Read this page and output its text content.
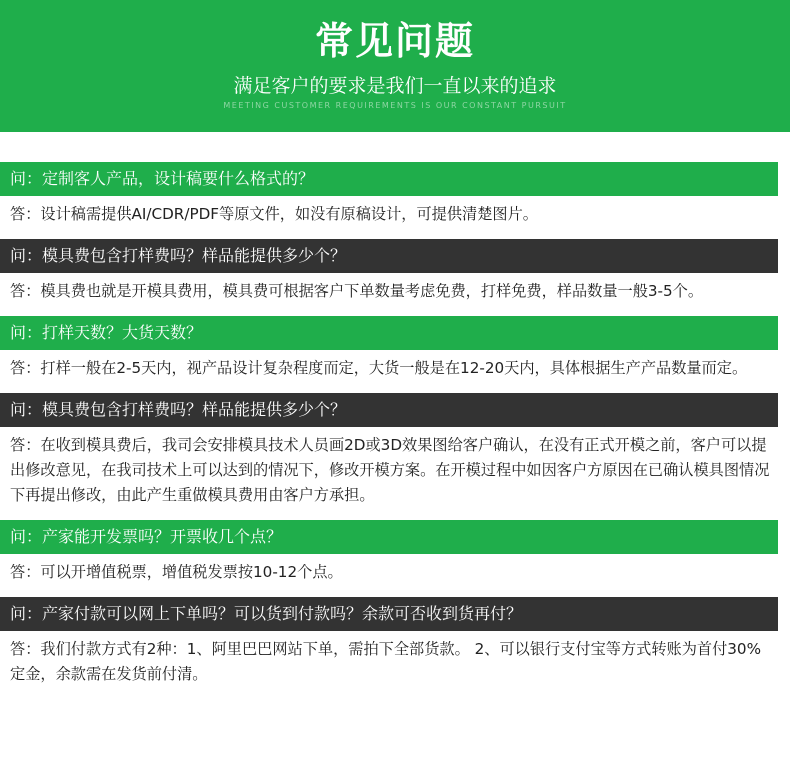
常见问题
满足客户的要求是我们一直以来的追求
MEETING CUSTOMER REQUIREMENTS IS OUR CONSTANT PURSUIT
问：定制客人产品，设计稿要什么格式的？
答：设计稿需提供AI/CDR/PDF等原文件，如没有原稿设计，可提供清楚图片。
问：模具费包含打样费吗？样品能提供多少个？
答：模具费也就是开模具费用，模具费可根据客户下单数量考虑免费，打样免费，样品数量一般3-5个。
问：打样天数？大货天数？
答：打样一般在2-5天内，视产品设计复杂程度而定，大货一般是在12-20天内，具体根据生产产品数量而定。
问：模具费包含打样费吗？样品能提供多少个？
答：在收到模具费后，我司会安排模具技术人员画2D或3D效果图给客户确认，在没有正式开模之前，客户可以提出修改意见，在我司技术上可以达到的情况下，修改开模方案。在开模过程中如因客户方原因在已确认模具图情况下再提出修改，由此产生重做模具费用由客户方承担。
问：产家能开发票吗？开票收几个点？
答：可以开增值税票，增值税发票按10-12个点。
问：产家付款可以网上下单吗？可以货到付款吗？余款可否收到货再付？
答：我们付款方式有2种：1、阿里巴巴网站下单，需拍下全部货款。 2、可以银行支付宝等方式转账为首付30%定金，余款需在发货前付清。
